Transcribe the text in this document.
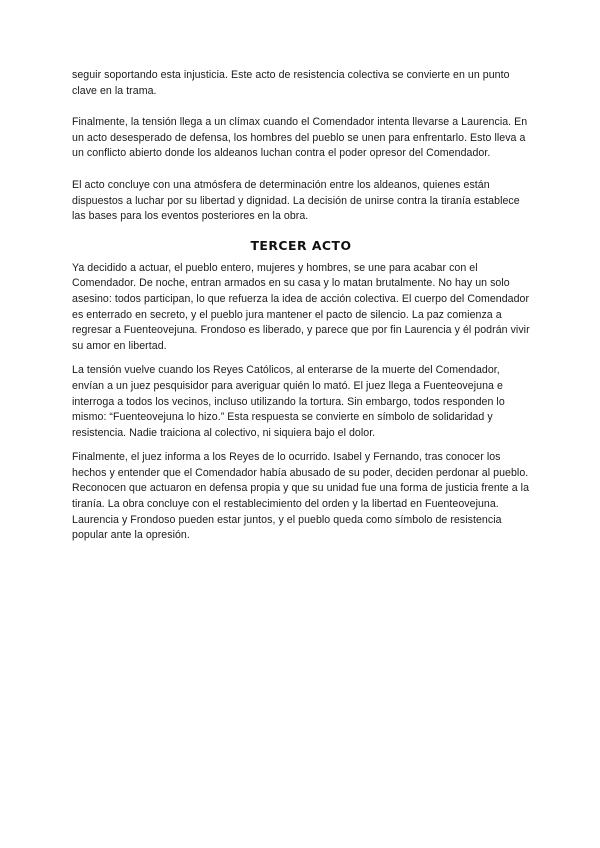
seguir soportando esta injusticia. Este acto de resistencia colectiva se convierte en un punto clave en la trama.

Finalmente, la tensión llega a un clímax cuando el Comendador intenta llevarse a Laurencia. En un acto desesperado de defensa, los hombres del pueblo se unen para enfrentarlo. Esto lleva a un conflicto abierto donde los aldeanos luchan contra el poder opresor del Comendador.

El acto concluye con una atmósfera de determinación entre los aldeanos, quienes están dispuestos a luchar por su libertad y dignidad. La decisión de unirse contra la tiranía establece las bases para los eventos posteriores en la obra.

TERCER ACTO

Ya decidido a actuar, el pueblo entero, mujeres y hombres, se une para acabar con el Comendador. De noche, entran armados en su casa y lo matan brutalmente. No hay un solo asesino: todos participan, lo que refuerza la idea de acción colectiva. El cuerpo del Comendador es enterrado en secreto, y el pueblo jura mantener el pacto de silencio. La paz comienza a regresar a Fuenteovejuna. Frondoso es liberado, y parece que por fin Laurencia y él podrán vivir su amor en libertad.

La tensión vuelve cuando los Reyes Católicos, al enterarse de la muerte del Comendador, envían a un juez pesquisidor para averiguar quién lo mató. El juez llega a Fuenteovejuna e interroga a todos los vecinos, incluso utilizando la tortura. Sin embargo, todos responden lo mismo: “Fuenteovejuna lo hizo.” Esta respuesta se convierte en símbolo de solidaridad y resistencia. Nadie traiciona al colectivo, ni siquiera bajo el dolor.

Finalmente, el juez informa a los Reyes de lo ocurrido. Isabel y Fernando, tras conocer los hechos y entender que el Comendador había abusado de su poder, deciden perdonar al pueblo. Reconocen que actuaron en defensa propia y que su unidad fue una forma de justicia frente a la tiranía. La obra concluye con el restablecimiento del orden y la libertad en Fuenteovejuna. Laurencia y Frondoso pueden estar juntos, y el pueblo queda como símbolo de resistencia popular ante la opresión.
